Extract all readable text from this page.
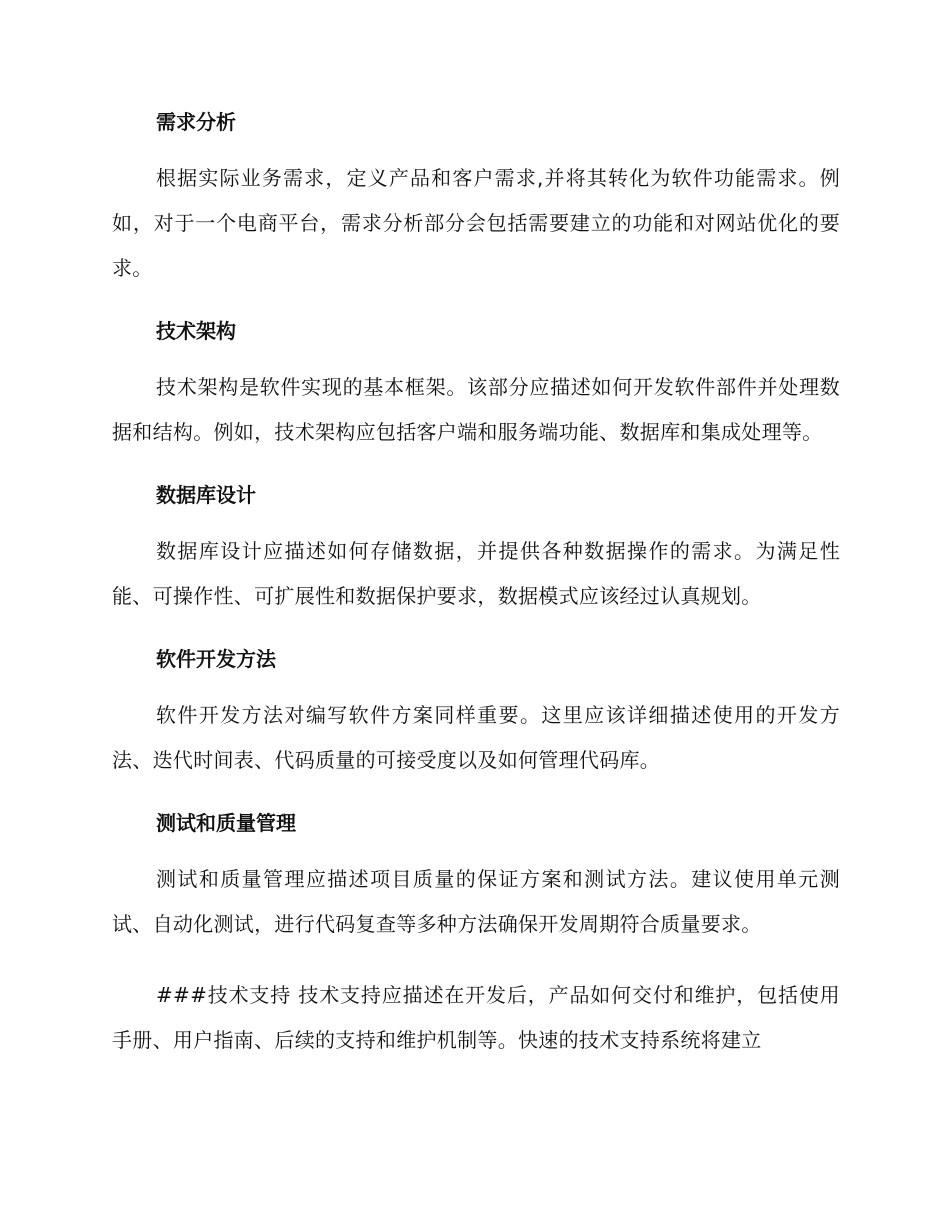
需求分析

根据实际业务需求，定义产品和客户需求,并将其转化为软件功能需求。例如，对于一个电商平台，需求分析部分会包括需要建立的功能和对网站优化的要求。

技术架构

技术架构是软件实现的基本框架。该部分应描述如何开发软件部件并处理数据和结构。例如，技术架构应包括客户端和服务端功能、数据库和集成处理等。

数据库设计

数据库设计应描述如何存储数据，并提供各种数据操作的需求。为满足性能、可操作性、可扩展性和数据保护要求，数据模式应该经过认真规划。

软件开发方法

软件开发方法对编写软件方案同样重要。这里应该详细描述使用的开发方法、迭代时间表、代码质量的可接受度以及如何管理代码库。

测试和质量管理

测试和质量管理应描述项目质量的保证方案和测试方法。建议使用单元测试、自动化测试，进行代码复查等多种方法确保开发周期符合质量要求。

###技术支持 技术支持应描述在开发后，产品如何交付和维护，包括使用手册、用户指南、后续的支持和维护机制等。快速的技术支持系统将建立
